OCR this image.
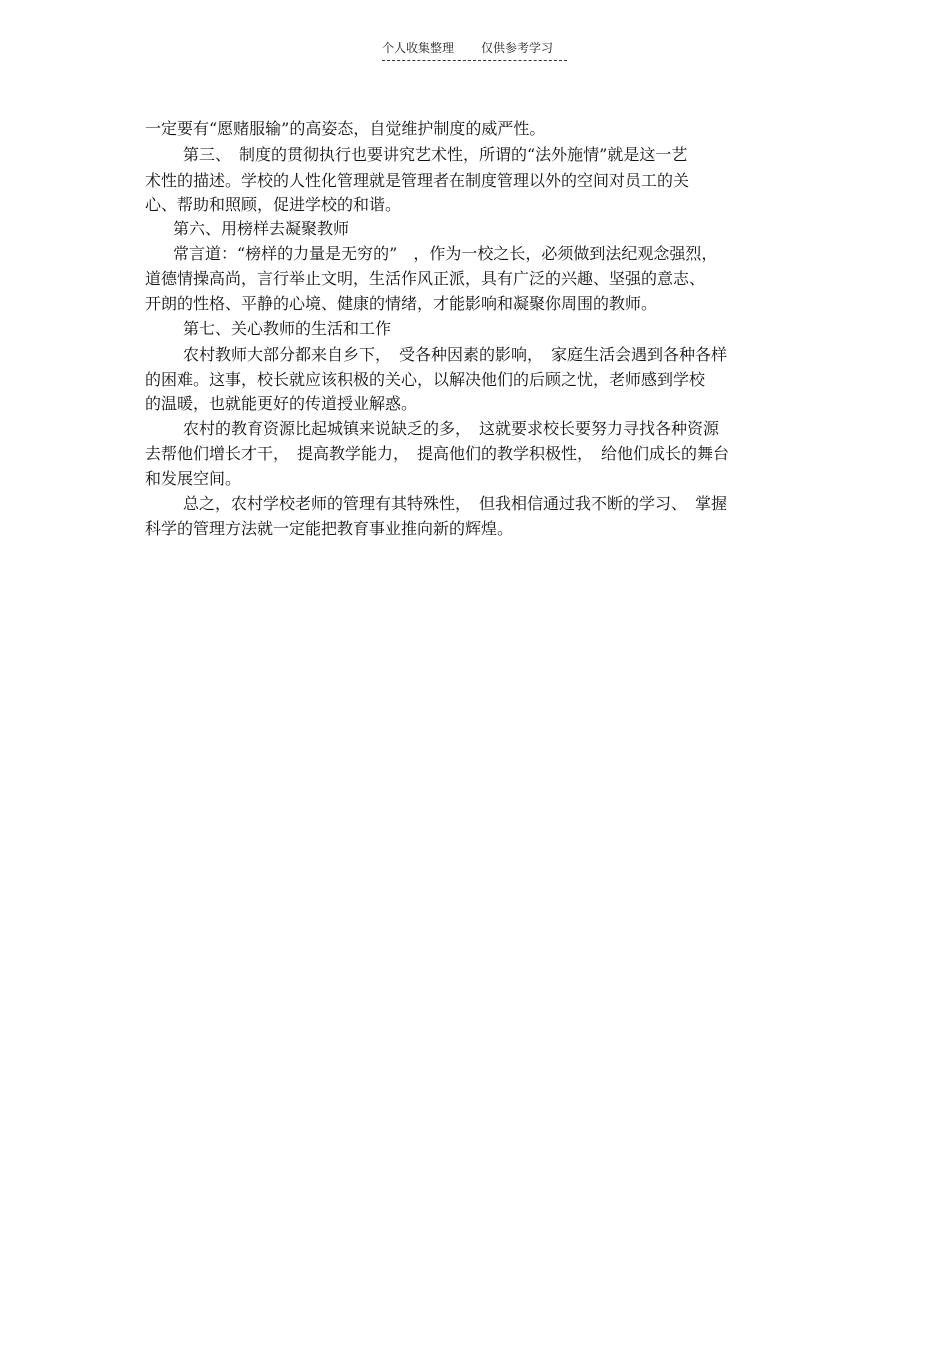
个人收集整理 仅供参考学习
一定要有“愿赌服输”的高姿态，自觉维护制度的威严性。
第三、　制度的贯彻执行也要讲究艺术性，所谓的“法外施情”就是这一艺
术性的描述。学校的人性化管理就是管理者在制度管理以外的空间对员工的关
心、帮助和照顾，促进学校的和谐。
第六、用榜样去凝聚教师
常言道：“榜样的力量是无穷的”　，作为一校之长，必须做到法纪观念强烈，
道德情操高尚，言行举止文明，生活作风正派，具有广泛的兴趣、坚强的意志、
开朗的性格、平静的心境、健康的情绪，才能影响和凝聚你周围的教师。
第七、关心教师的生活和工作
农村教师大部分都来自乡下，　受各种因素的影响，　家庭生活会遇到各种各样
的困难。这事，校长就应该积极的关心，以解决他们的后顾之忧，老师感到学校
的温暖，也就能更好的传道授业解惑。
农村的教育资源比起城镇来说缺乏的多，　这就要求校长要努力寻找各种资源
去帮他们增长才干，　提高教学能力，　提高他们的教学积极性，　给他们成长的舞台
和发展空间。
总之，农村学校老师的管理有其特殊性，　但我相信通过我不断的学习、　掌握
科学的管理方法就一定能把教育事业推向新的辉煌。
